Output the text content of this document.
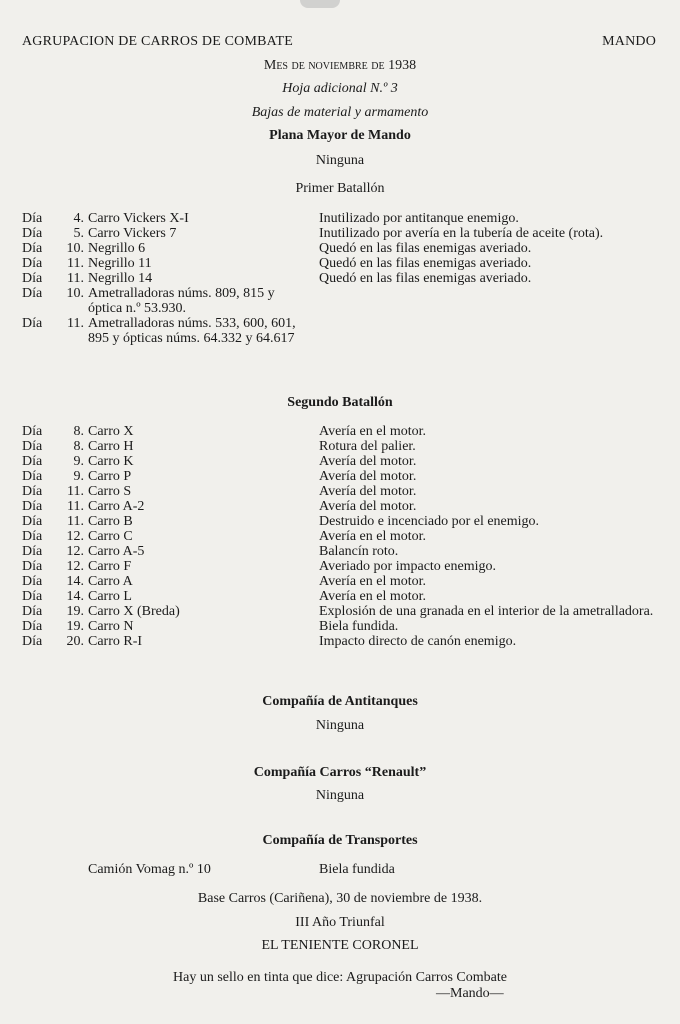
AGRUPACION DE CARROS DE COMBATE	MANDO
Mes de noviembre de 1938
Hoja adicional N.º 3
Bajas de material y armamento
Plana Mayor de Mando
Ninguna
Primer Batallón
Día	4. Carro Vickers X-I	Inutilizado por antitanque enemigo.
Día	5. Carro Vickers 7	Inutilizado por avería en la tubería de aceite (rota).
Día	10. Negrillo 6	Quedó en las filas enemigas averiado.
Día	11. Negrillo 11	Quedó en las filas enemigas averiado.
Día	11. Negrillo 14	Quedó en las filas enemigas averiado.
Día	10. Ametralladoras núms. 809, 815 y óptica n.º 53.930.
Día	11. Ametralladoras núms. 533, 600, 601, 895 y ópticas núms. 64.332 y 64.617
Segundo Batallón
Día	8. Carro X	Avería en el motor.
Día	8. Carro H	Rotura del palier.
Día	9. Carro K	Avería del motor.
Día	9. Carro P	Avería del motor.
Día	11. Carro S	Avería del motor.
Día	11. Carro A-2	Avería del motor.
Día	11. Carro B	Destruido e incenciado por el enemigo.
Día	12. Carro C	Avería en el motor.
Día	12. Carro A-5	Balancín roto.
Día	12. Carro F	Averiado por impacto enemigo.
Día	14. Carro A	Avería en el motor.
Día	14. Carro L	Avería en el motor.
Día	19. Carro X (Breda)	Explosión de una granada en el interior de la ametralladora.
Día	19. Carro N	Biela fundida.
Día	20. Carro R-I	Impacto directo de canón enemigo.
Compañía de Antitanques
Ninguna
Compañía Carros “Renault”
Ninguna
Compañía de Transportes
Camión Vomag n.º 10	Biela fundida
Base Carros (Cariñena), 30 de noviembre de 1938.
III Año Triunfal
EL TENIENTE CORONEL
Hay un sello en tinta que dice: Agrupación Carros Combate
—Mando—
